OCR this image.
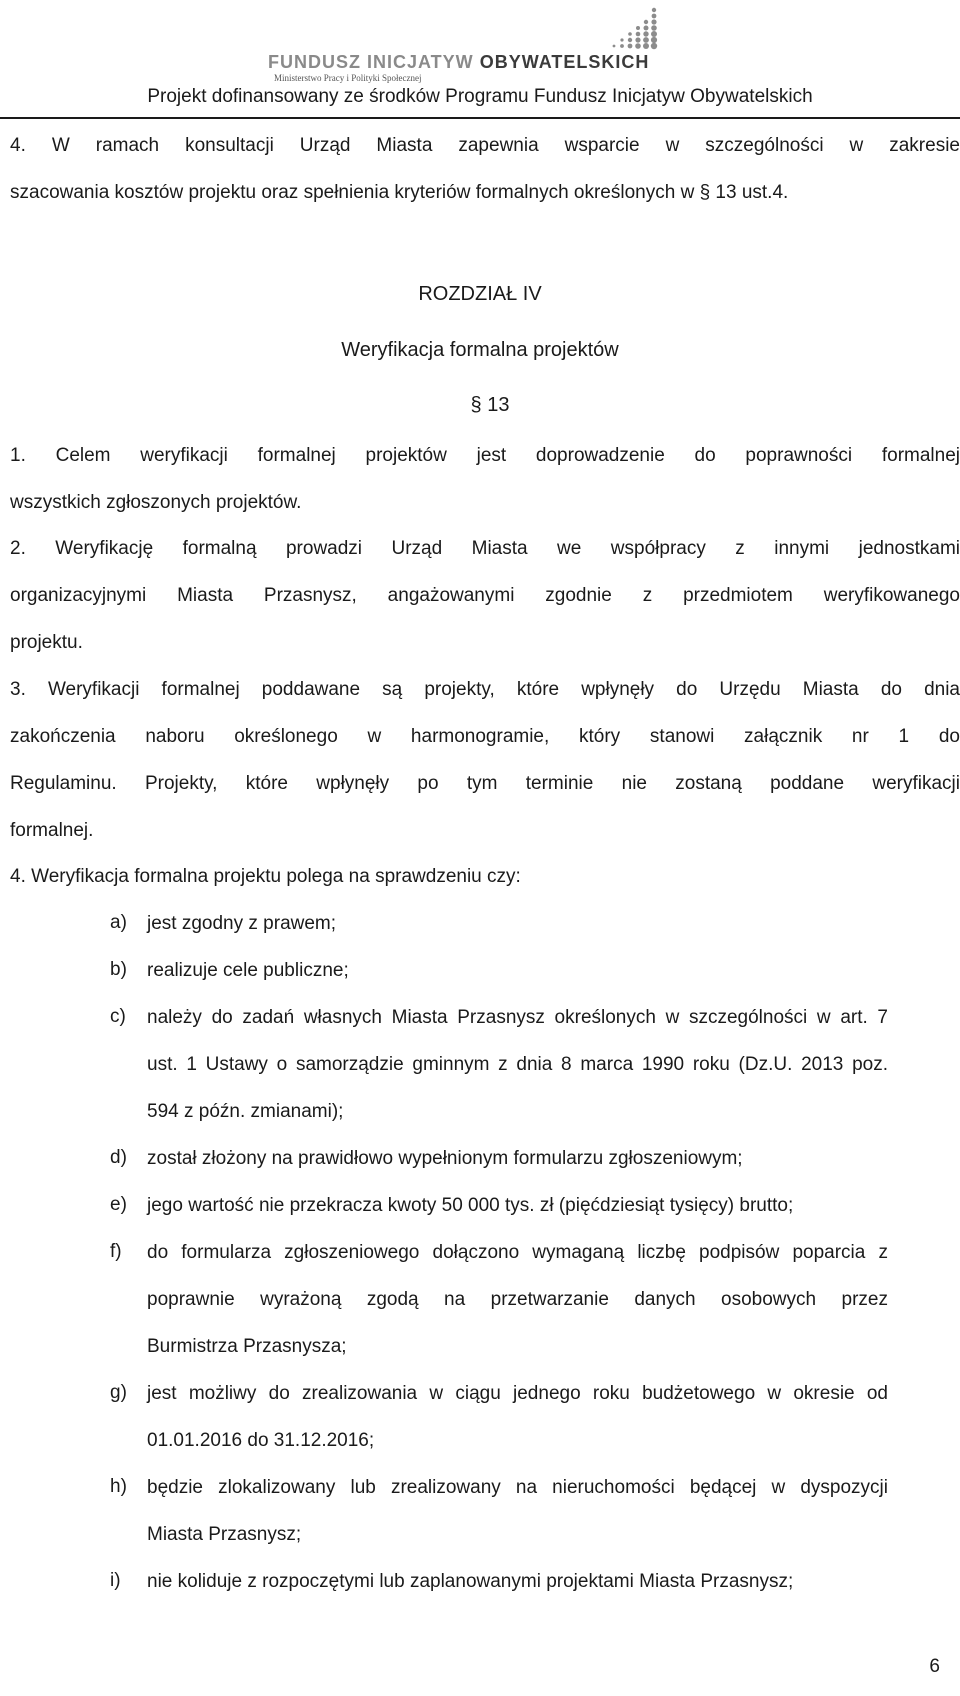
FUNDUSZ INICJATYW OBYWATELSKICH
Ministerstwo Pracy i Polityki Społecznej
Projekt dofinansowany ze środków Programu Fundusz Inicjatyw Obywatelskich
4. W ramach konsultacji Urząd Miasta zapewnia wsparcie w szczególności w zakresie
szacowania kosztów projektu oraz spełnienia kryteriów formalnych określonych w § 13 ust.4.
ROZDZIAŁ IV
Weryfikacja formalna projektów
§ 13
1. Celem weryfikacji formalnej projektów jest doprowadzenie do poprawności formalnej
wszystkich zgłoszonych projektów.
2. Weryfikację formalną prowadzi Urząd Miasta we współpracy z innymi jednostkami
organizacyjnymi Miasta Przasnysz, angażowanymi zgodnie z przedmiotem weryfikowanego
projektu.
3. Weryfikacji formalnej poddawane są projekty, które wpłynęły do Urzędu Miasta do dnia
zakończenia naboru określonego w harmonogramie, który stanowi załącznik nr 1 do
Regulaminu. Projekty, które wpłynęły po tym terminie nie zostaną poddane weryfikacji
formalnej.
4. Weryfikacja formalna projektu polega na sprawdzeniu czy:
a) jest zgodny z prawem;
b) realizuje cele publiczne;
c) należy do zadań własnych Miasta Przasnysz określonych w szczególności w art. 7
ust. 1 Ustawy o samorządzie gminnym z dnia 8 marca 1990 roku (Dz.U. 2013 poz.
594 z późn. zmianami);
d) został złożony na prawidłowo wypełnionym formularzu zgłoszeniowym;
e) jego wartość nie przekracza kwoty 50 000 tys. zł (pięćdziesiąt tysięcy) brutto;
f) do formularza zgłoszeniowego dołączono wymaganą liczbę podpisów poparcia z
poprawnie wyrażoną zgodą na przetwarzanie danych osobowych przez
Burmistrza Przasnysza;
g) jest możliwy do zrealizowania w ciągu jednego roku budżetowego w okresie od
01.01.2016 do 31.12.2016;
h) będzie zlokalizowany lub zrealizowany na nieruchomości będącej w dyspozycji
Miasta Przasnysz;
i) nie koliduje z rozpoczętymi lub zaplanowanymi projektami Miasta Przasnysz;
6
